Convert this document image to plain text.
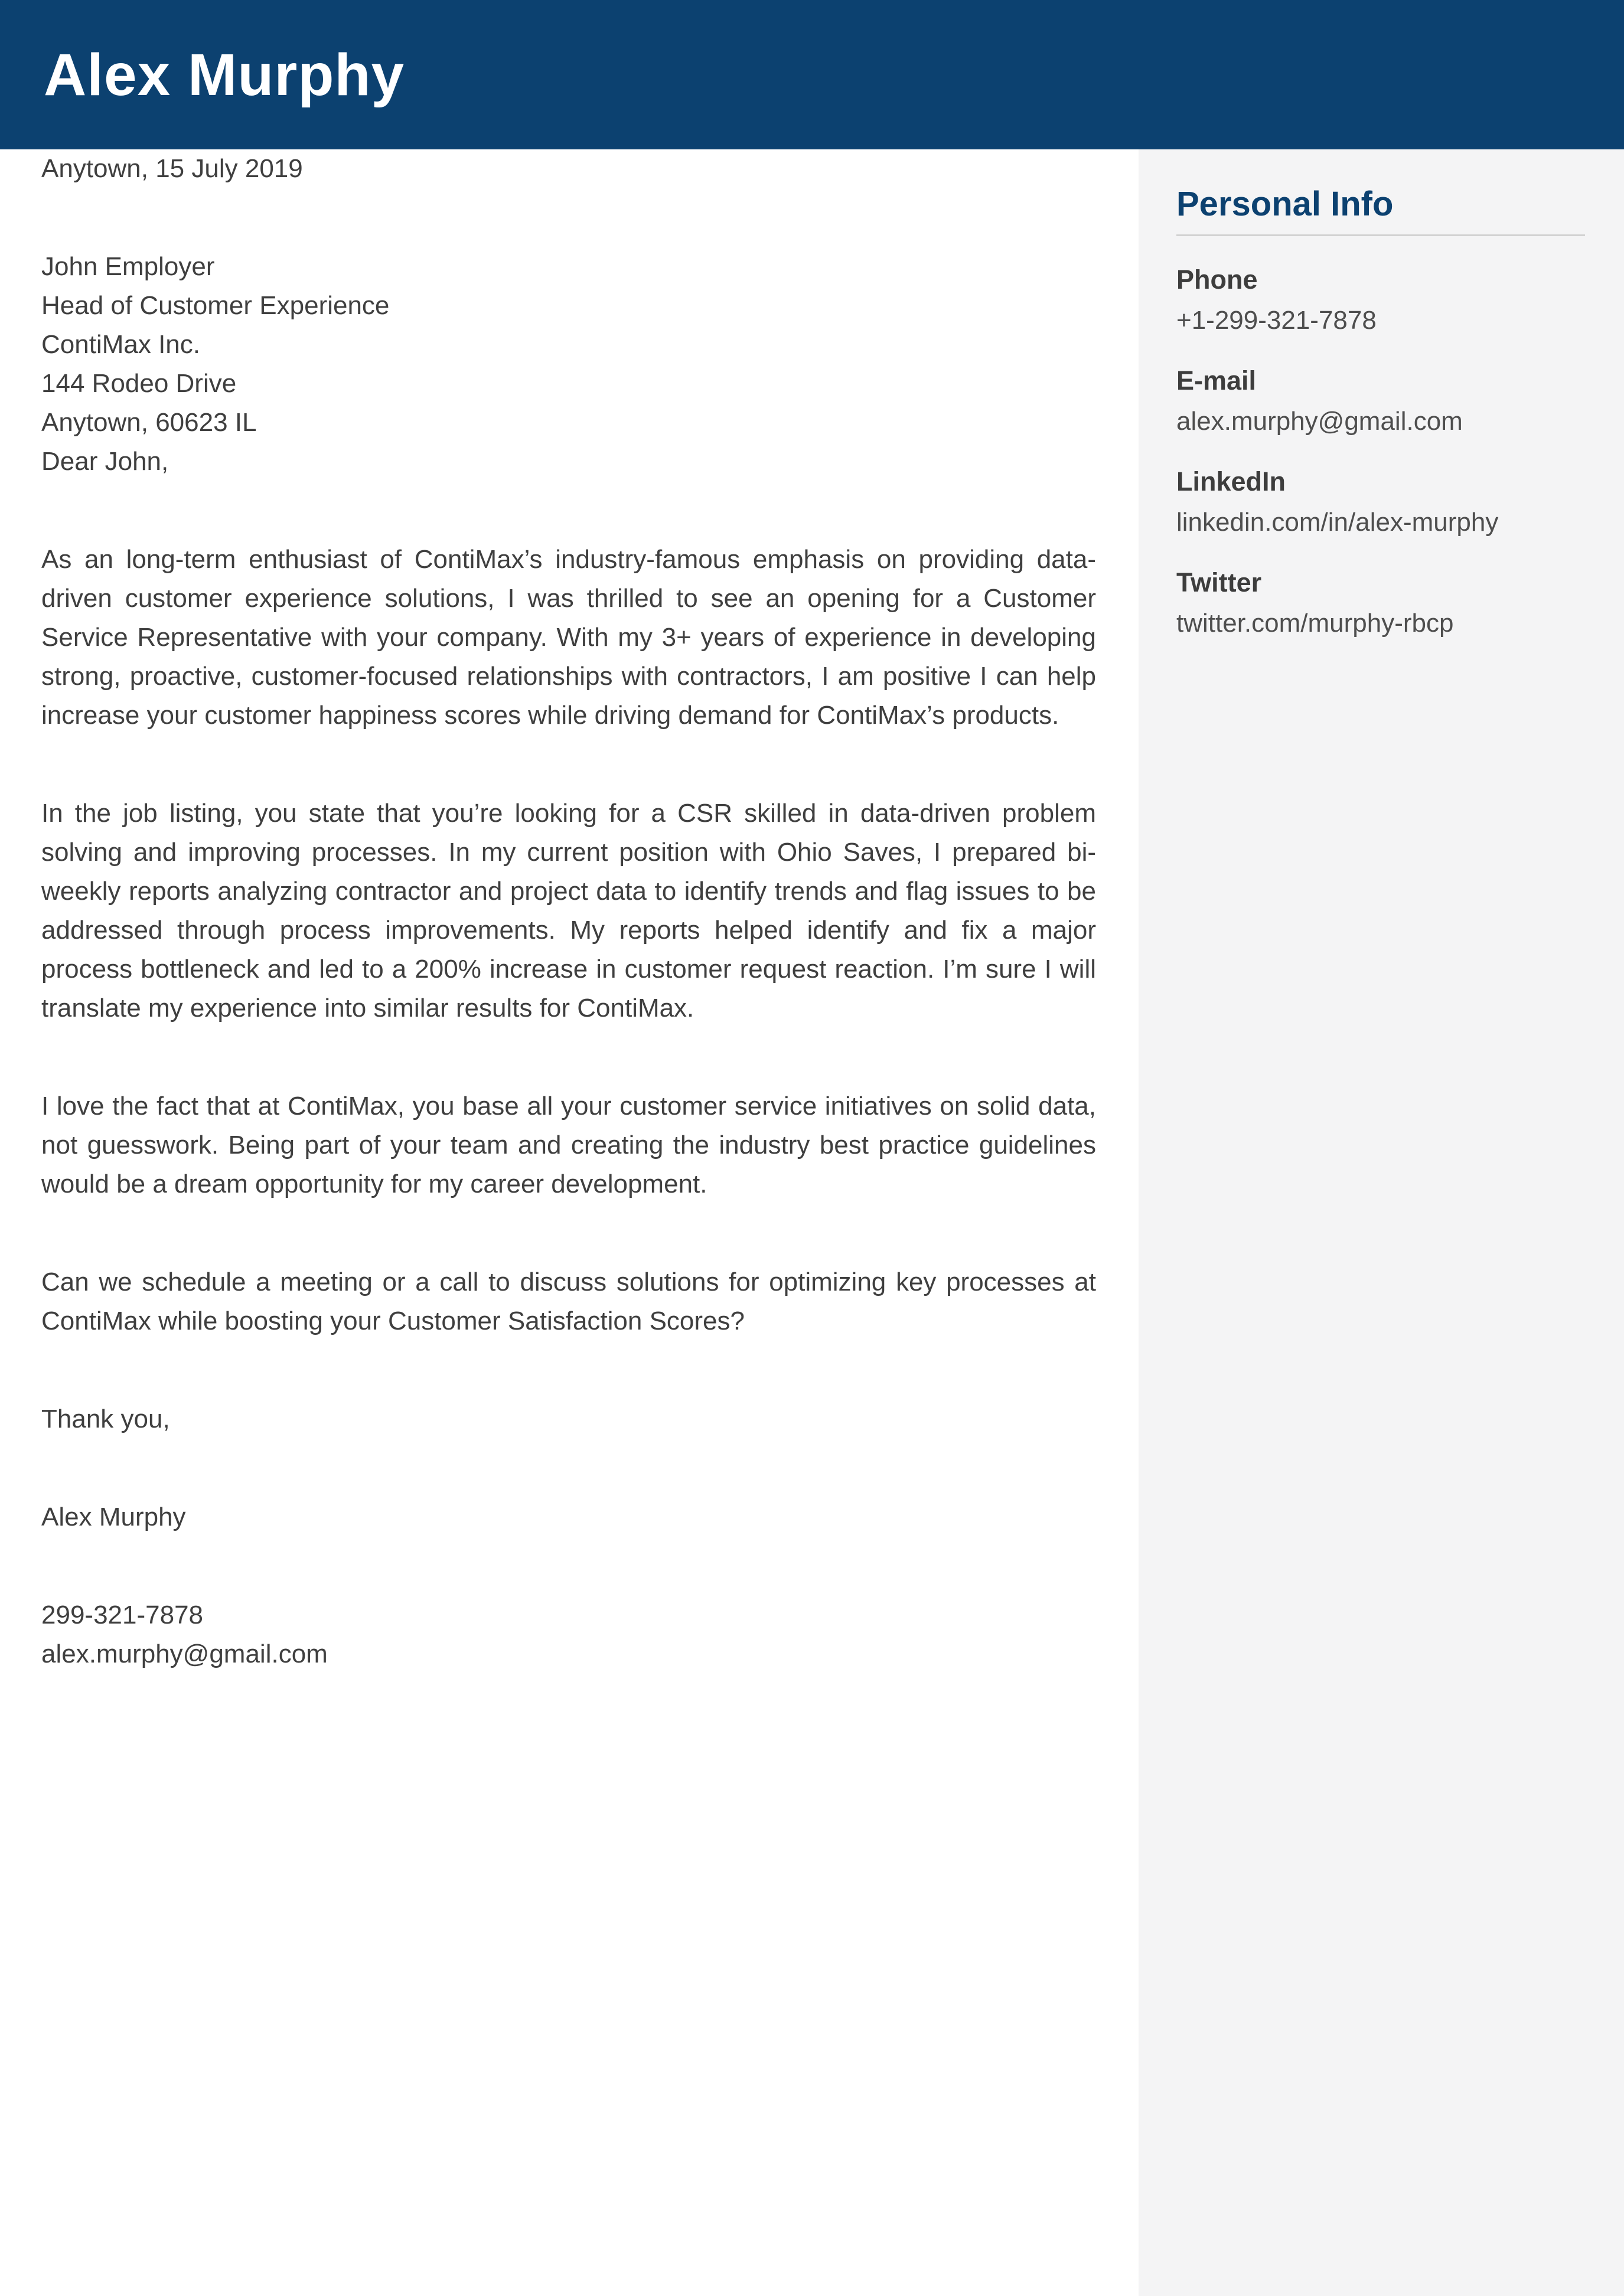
Alex Murphy

Anytown, 15 July 2019

John Employer
Head of Customer Experience
ContiMax Inc.
144 Rodeo Drive
Anytown, 60623 IL

Dear John,

As an long-term enthusiast of ContiMax’s industry-famous emphasis on providing data-driven customer experience solutions, I was thrilled to see an opening for a Customer Service Representative with your company. With my 3+ years of experience in developing strong, proactive, customer-focused relationships with contractors, I am positive I can help increase your customer happiness scores while driving demand for ContiMax’s products.

In the job listing, you state that you’re looking for a CSR skilled in data-driven problem solving and improving processes. In my current position with Ohio Saves, I prepared bi-weekly reports analyzing contractor and project data to identify trends and flag issues to be addressed through process improvements. My reports helped identify and fix a major process bottleneck and led to a 200% increase in customer request reaction. I’m sure I will translate my experience into similar results for ContiMax.

I love the fact that at ContiMax, you base all your customer service initiatives on solid data, not guesswork. Being part of your team and creating the industry best practice guidelines would be a dream opportunity for my career development.

Can we schedule a meeting or a call to discuss solutions for optimizing key processes at ContiMax while boosting your Customer Satisfaction Scores?

Thank you,

Alex Murphy

299-321-7878
alex.murphy@gmail.com
Personal Info
Phone
+1-299-321-7878
E-mail
alex.murphy@gmail.com
LinkedIn
linkedin.com/in/alex-murphy
Twitter
twitter.com/murphy-rbcp
